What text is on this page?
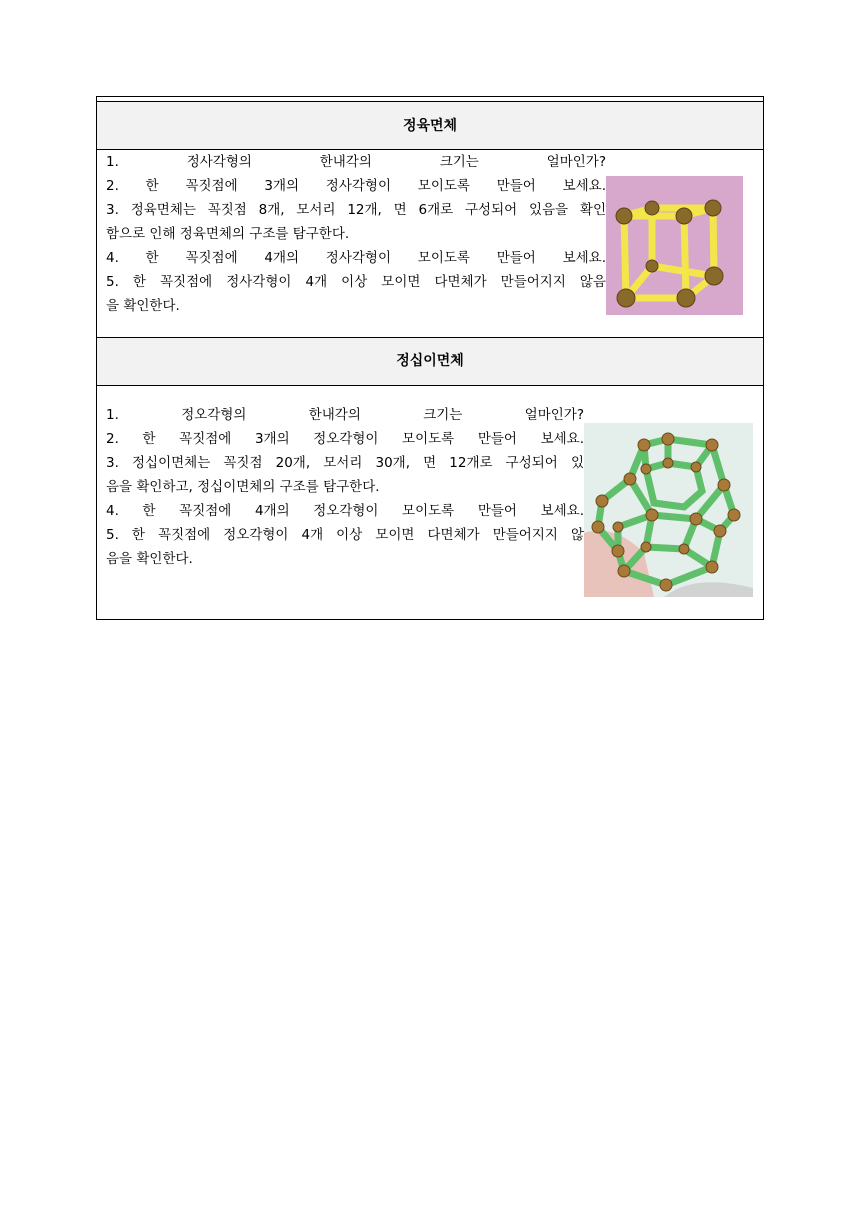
정육면체
1. 정사각형의 한내각의 크기는 얼마인가?
2. 한 꼭짓점에 3개의 정사각형이 모이도록 만들어 보세요.
3. 정육면체는 꼭짓점 8개, 모서리 12개, 면 6개로 구성되어 있음을 확인
함으로 인해 정육면체의 구조를 탐구한다.
4. 한 꼭짓점에 4개의 정사각형이 모이도록 만들어 보세요.
5. 한 꼭짓점에 정사각형이 4개 이상 모이면 다면체가 만들어지지 않음
을 확인한다.
정십이면체
1. 정오각형의 한내각의 크기는 얼마인가?
2. 한 꼭짓점에 3개의 정오각형이 모이도록 만들어 보세요.
3. 정십이면체는 꼭짓점 20개, 모서리 30개, 면 12개로 구성되어 있
음을 확인하고, 정십이면체의 구조를 탐구한다.
4. 한 꼭짓점에 4개의 정오각형이 모이도록 만들어 보세요.
5. 한 꼭짓점에 정오각형이 4개 이상 모이면 다면체가 만들어지지 않
음을 확인한다.
